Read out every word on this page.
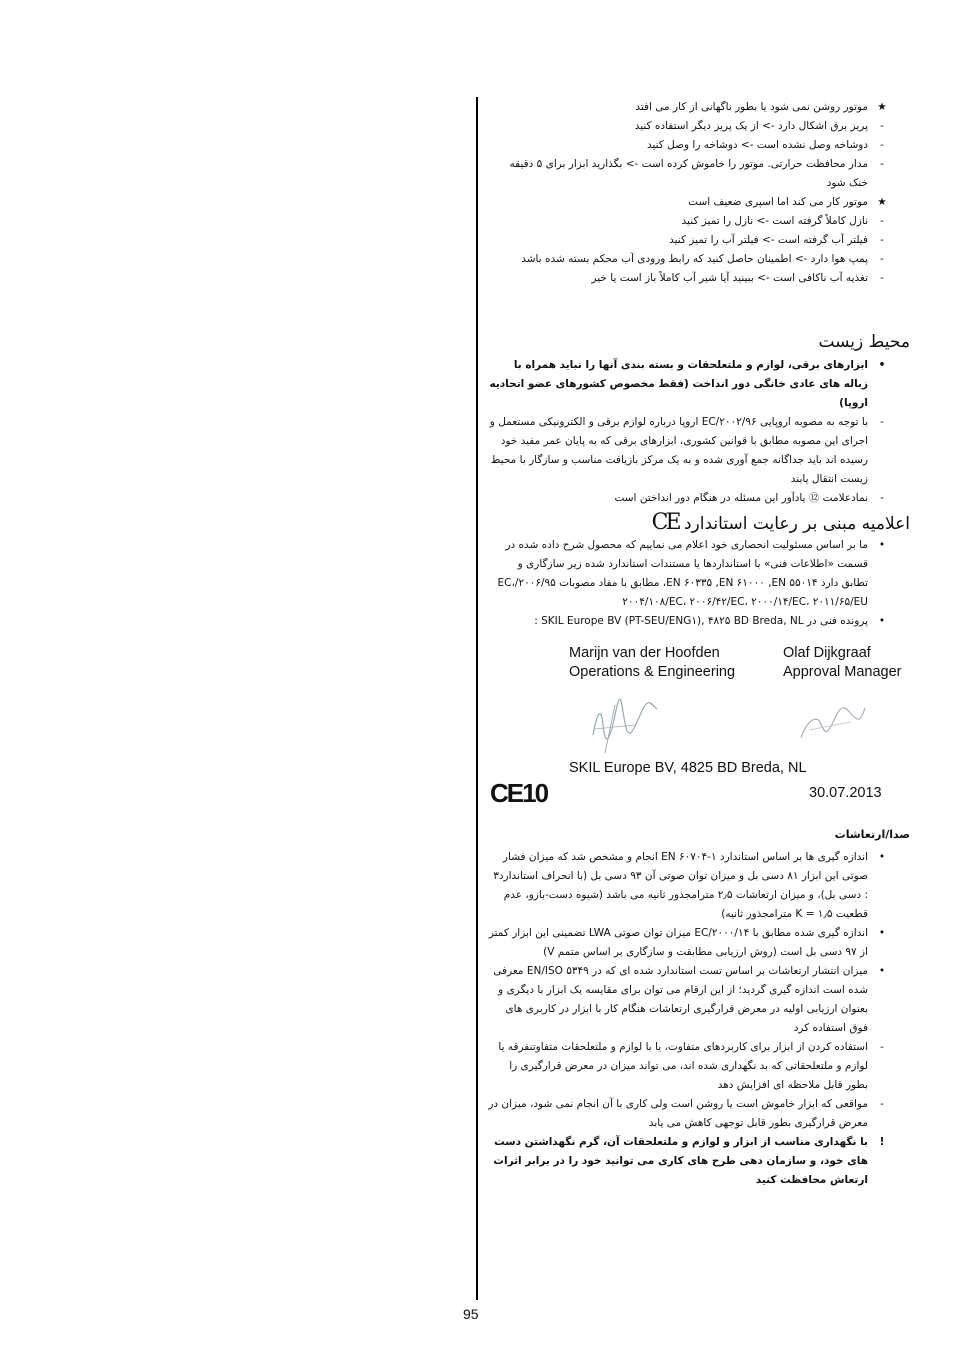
★
موتور روشن نمی شود یا بطور ناگهانی از کار می افتد
-
پریز برق اشکال دارد -> از یک پریز دیگر استفاده کنید
-
دوشاخه وصل نشده است -> دوشاخه را وصل کنید
-
مدار محافظت حرارتی. موتور را خاموش کرده است -> بگذارید ابزار برای ۵ دقیقه خنک شود
★
موتور کار می کند اما اسپری ضعیف است
-
نازل کاملاً گرفته است -> نازل را تمیز کنید
-
فیلتر آب گرفته است -> فیلتر آب را تمیز کنید
-
پمپ هوا دارد -> اطمینان حاصل کنید که رابط ورودی آب محکم بسته شده باشد
-
تغذیه آب ناکافی است -> ببینید آیا شیر آب کاملاً باز است یا خیر
محیط زیست
•
ابزارهای برقی، لوازم و ملتعلحقات و بسته بندی آنها را نباید همراه با زباله های عادی خانگی دور انداخت (فقط مخصوص کشورهای عضو اتحادیه اروپا)
-
با توجه به مصوبه اروپایی ۲۰۰۲/۹۶/EC اروپا درباره لوازم برقی و الکترونیکی مستعمل و اجرای این مصوبه مطابق با قوانین کشوری، ابزارهای برقی که به پایان عمر مفید خود رسیده اند باید جداگانه جمع آوری شده و به یک مرکز بازیافت مناسب و سازگار با محیط زیست انتقال یابند
-
نمادعلامت ⑫ یادآور این مسئله در هنگام دور انداختن است
اعلامیه مبنی بر رعایت استاندارد CE
•
ما بر اساس مسئولیت انحصاری خود اعلام می نماییم که محصول شرح داده شده در قسمت «اطلاعات فنی» با استانداردها یا مستندات استاندارد شده زیر سازگاری و تطابق دارد EN ۶۰۳۳۵ ,EN ۶۱۰۰۰ ,EN ۵۵۰۱۴، مطابق با مفاد مصوبات ۲۰۰۶/۹۵/EC، ۲۰۰۴/۱۰۸/EC، ۲۰۰۶/۴۲/EC، ۲۰۰۰/۱۴/EC، ۲۰۱۱/۶۵/EU
•
پرونده فنی در SKIL Europe BV (PT-SEU/ENG۱), ۴۸۲۵ BD Breda, NL :
Marijn van der Hoofden
Operations & Engineering
Olaf Dijkgraaf
Approval Manager
SKIL Europe BV, 4825 BD Breda, NL
CE10	30.07.2013
صدا/ارتعاشات
•
اندازه گیری ها بر اساس استاندارد EN ۶۰۷۰۴-۱ انجام و مشخص شد که میزان فشار صوتی این ابزار ۸۱ دسی بل و میزان توان صوتی آن ۹۳ دسی بل (با انحراف استاندارد۳ : دسی بل)، و میزان ارتعاشات ۲٫۵ مترامجذور ثانیه می باشد (شیوه دست-بازو، عدم قطعیت K = ۱٫۵ مترامجذور ثانیه)
•
اندازه گیری شده مطابق با ۲۰۰۰/۱۴/EC میزان توان صوتی LWA تضمینی این ابزار کمتر از ۹۷ دسی بل است (روش ارزیابی مطابقت و سازگاری بر اساس متمم V)
•
میزان انتشار ارتعاشات بر اساس تست استاندارد شده ای که در EN/ISO ۵۳۴۹ معرفی شده است اندازه گیری گردید؛ از این ارقام می توان برای مقایسه یک ابزار با دیگری و بعنوان ارزیابی اولیه در معرض قرارگیری ارتعاشات هنگام کار با ابزار در کاربری های فوق استفاده کرد
-
استفاده کردن از ابزار برای کاربردهای متفاوت، یا با لوازم و ملتعلحقات متفاوتنفرقه یا لوازم و ملتعلحقاتی که بد نگهداری شده اند، می تواند میزان در معرض قرارگیری را بطور قابل ملاحظه ای افزایش دهد
-
مواقعی که ابزار خاموش است یا روشن است ولی کاری با آن انجام نمی شود، میزان در معرض قرارگیری بطور قابل توجهی کاهش می یابد
!
با نگهداری مناسب از ابزار و لوازم و ملتعلحقات آن، گرم نگهداشتن دست های خود، و سازمان دهی طرح های کاری می توانید خود را در برابر اثرات ارتعاش محافظت کنید
95
